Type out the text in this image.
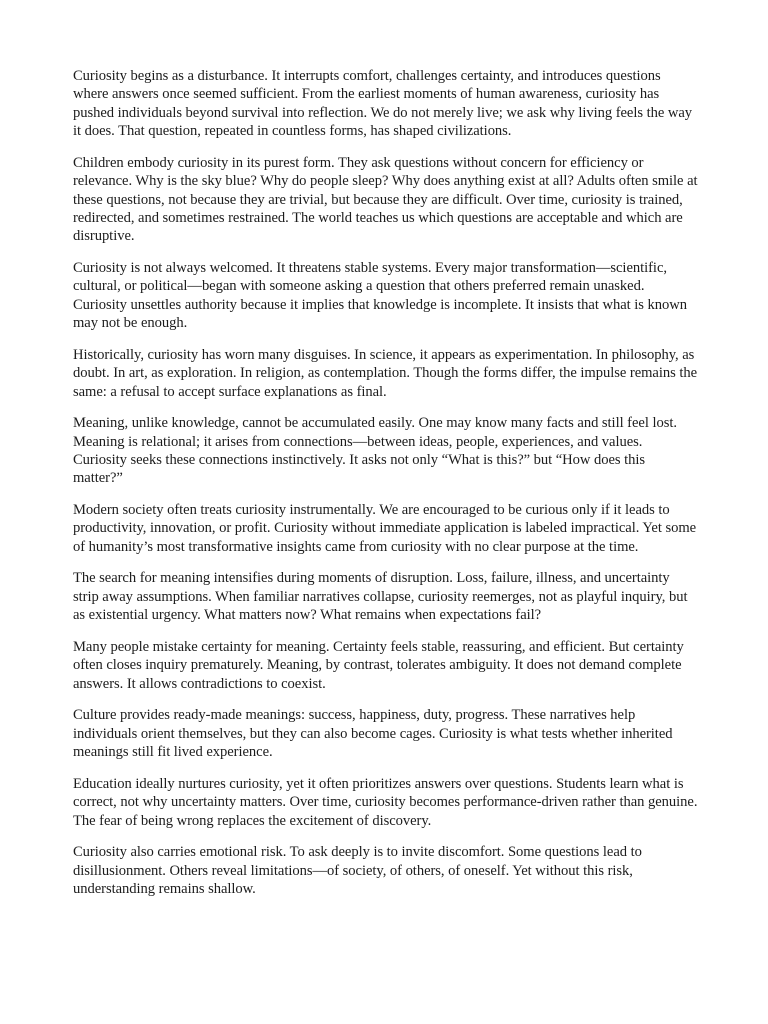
Curiosity begins as a disturbance. It interrupts comfort, challenges certainty, and introduces questions where answers once seemed sufficient. From the earliest moments of human awareness, curiosity has pushed individuals beyond survival into reflection. We do not merely live; we ask why living feels the way it does. That question, repeated in countless forms, has shaped civilizations.

Children embody curiosity in its purest form. They ask questions without concern for efficiency or relevance. Why is the sky blue? Why do people sleep? Why does anything exist at all? Adults often smile at these questions, not because they are trivial, but because they are difficult. Over time, curiosity is trained, redirected, and sometimes restrained. The world teaches us which questions are acceptable and which are disruptive.

Curiosity is not always welcomed. It threatens stable systems. Every major transformation—scientific, cultural, or political—began with someone asking a question that others preferred remain unasked. Curiosity unsettles authority because it implies that knowledge is incomplete. It insists that what is known may not be enough.

Historically, curiosity has worn many disguises. In science, it appears as experimentation. In philosophy, as doubt. In art, as exploration. In religion, as contemplation. Though the forms differ, the impulse remains the same: a refusal to accept surface explanations as final.

Meaning, unlike knowledge, cannot be accumulated easily. One may know many facts and still feel lost. Meaning is relational; it arises from connections—between ideas, people, experiences, and values. Curiosity seeks these connections instinctively. It asks not only “What is this?” but “How does this matter?”

Modern society often treats curiosity instrumentally. We are encouraged to be curious only if it leads to productivity, innovation, or profit. Curiosity without immediate application is labeled impractical. Yet some of humanity’s most transformative insights came from curiosity with no clear purpose at the time.

The search for meaning intensifies during moments of disruption. Loss, failure, illness, and uncertainty strip away assumptions. When familiar narratives collapse, curiosity reemerges, not as playful inquiry, but as existential urgency. What matters now? What remains when expectations fail?

Many people mistake certainty for meaning. Certainty feels stable, reassuring, and efficient. But certainty often closes inquiry prematurely. Meaning, by contrast, tolerates ambiguity. It does not demand complete answers. It allows contradictions to coexist.

Culture provides ready-made meanings: success, happiness, duty, progress. These narratives help individuals orient themselves, but they can also become cages. Curiosity is what tests whether inherited meanings still fit lived experience.

Education ideally nurtures curiosity, yet it often prioritizes answers over questions. Students learn what is correct, not why uncertainty matters. Over time, curiosity becomes performance-driven rather than genuine. The fear of being wrong replaces the excitement of discovery.

Curiosity also carries emotional risk. To ask deeply is to invite discomfort. Some questions lead to disillusionment. Others reveal limitations—of society, of others, of oneself. Yet without this risk, understanding remains shallow.
